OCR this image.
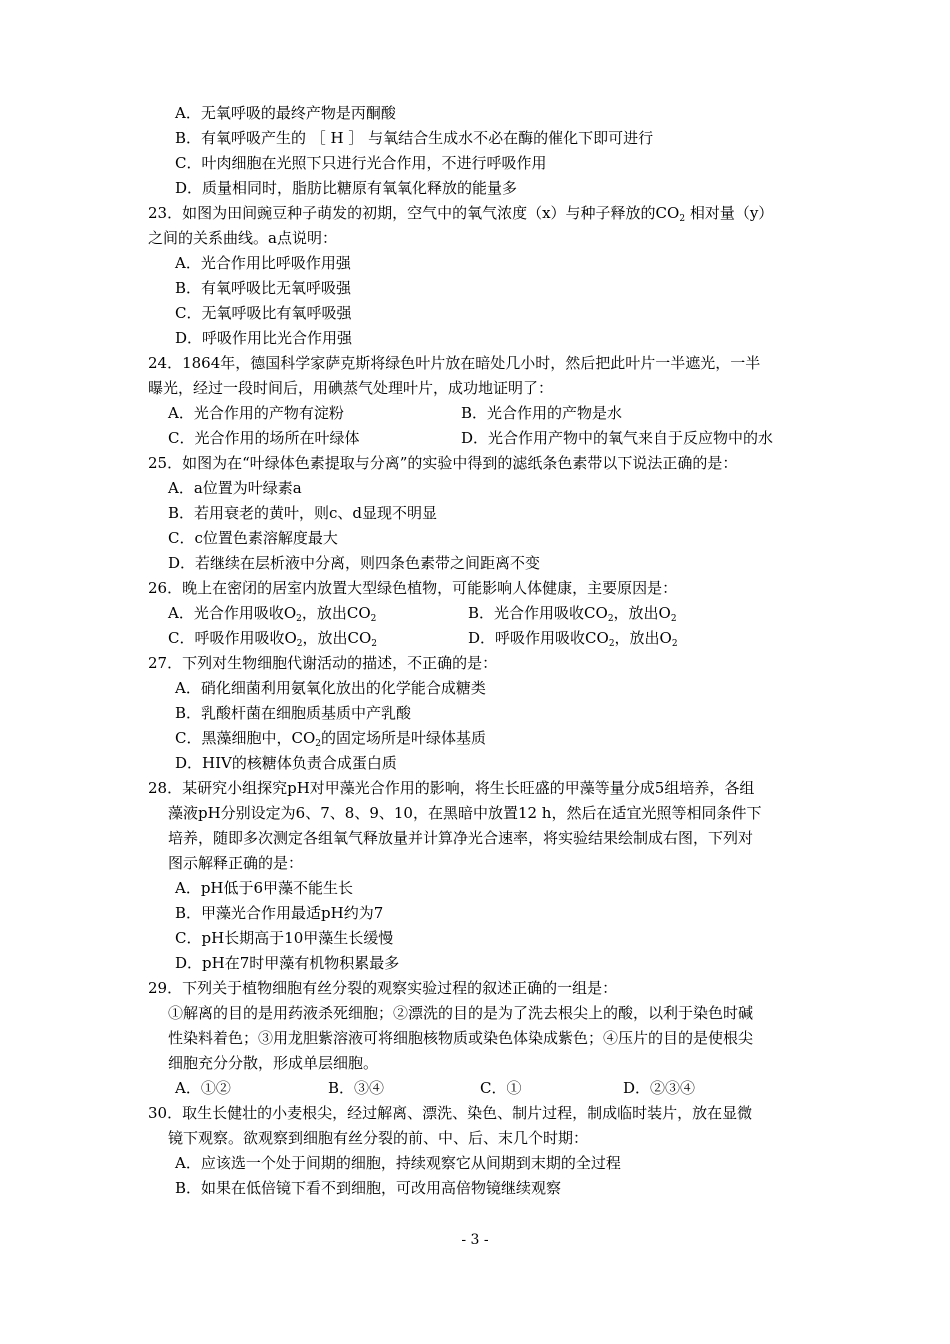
A．无氧呼吸的最终产物是丙酮酸
B．有氧呼吸产生的 ［ H ］ 与氧结合生成水不必在酶的催化下即可进行
C．叶肉细胞在光照下只进行光合作用，不进行呼吸作用
D．质量相同时，脂肪比糖原有氧氧化释放的能量多
23．如图为田间豌豆种子萌发的初期，空气中的氧气浓度（x）与种子释放的$CO_2$ 相对量（y）
之间的关系曲线。a点说明：
A．光合作用比呼吸作用强
B．有氧呼吸比无氧呼吸强
C．无氧呼吸比有氧呼吸强
D．呼吸作用比光合作用强
24．1864年，德国科学家萨克斯将绿色叶片放在暗处几小时，然后把此叶片一半遮光，一半
曝光，经过一段时间后，用碘蒸气处理叶片，成功地证明了：
A．光合作用的产物有淀粉	B．光合作用的产物是水
C．光合作用的场所在叶绿体	D．光合作用产物中的氧气来自于反应物中的水
25．如图为在“叶绿体色素提取与分离”的实验中得到的滤纸条色素带以下说法正确的是：
A．a位置为叶绿素a
B．若用衰老的黄叶，则c、d显现不明显
C．c位置色素溶解度最大
D．若继续在层析液中分离，则四条色素带之间距离不变
26．晚上在密闭的居室内放置大型绿色植物，可能影响人体健康，主要原因是：
A．光合作用吸收$O_2$，放出$CO_2$	B．光合作用吸收$CO_2$，放出$O_2$
C．呼吸作用吸收$O_2$，放出$CO_2$	D．呼吸作用吸收$CO_2$，放出$O_2$
27．下列对生物细胞代谢活动的描述，不正确的是：
A．硝化细菌利用氨氧化放出的化学能合成糖类
B．乳酸杆菌在细胞质基质中产乳酸
C．黑藻细胞中，$CO_2$的固定场所是叶绿体基质
D．HIV的核糖体负责合成蛋白质
28．某研究小组探究pH对甲藻光合作用的影响，将生长旺盛的甲藻等量分成5组培养，各组
藻液pH分别设定为6、7、8、9、10，在黑暗中放置12 h，然后在适宜光照等相同条件下
培养，随即多次测定各组氧气释放量并计算净光合速率，将实验结果绘制成右图，下列对
图示解释正确的是：
A．pH低于6甲藻不能生长
B．甲藻光合作用最适pH约为7
C．pH长期高于10甲藻生长缓慢
D．pH在7时甲藻有机物积累最多
29．下列关于植物细胞有丝分裂的观察实验过程的叙述正确的一组是：
①解离的目的是用药液杀死细胞；②漂洗的目的是为了洗去根尖上的酸，以利于染色时碱
性染料着色；③用龙胆紫溶液可将细胞核物质或染色体染成紫色；④压片的目的是使根尖
细胞充分分散，形成单层细胞。
A．①②	B．③④	C．①	D．②③④
30．取生长健壮的小麦根尖，经过解离、漂洗、染色、制片过程，制成临时装片，放在显微
镜下观察。欲观察到细胞有丝分裂的前、中、后、末几个时期：
A．应该选一个处于间期的细胞，持续观察它从间期到末期的全过程
B．如果在低倍镜下看不到细胞，可改用高倍物镜继续观察
- 3 -
